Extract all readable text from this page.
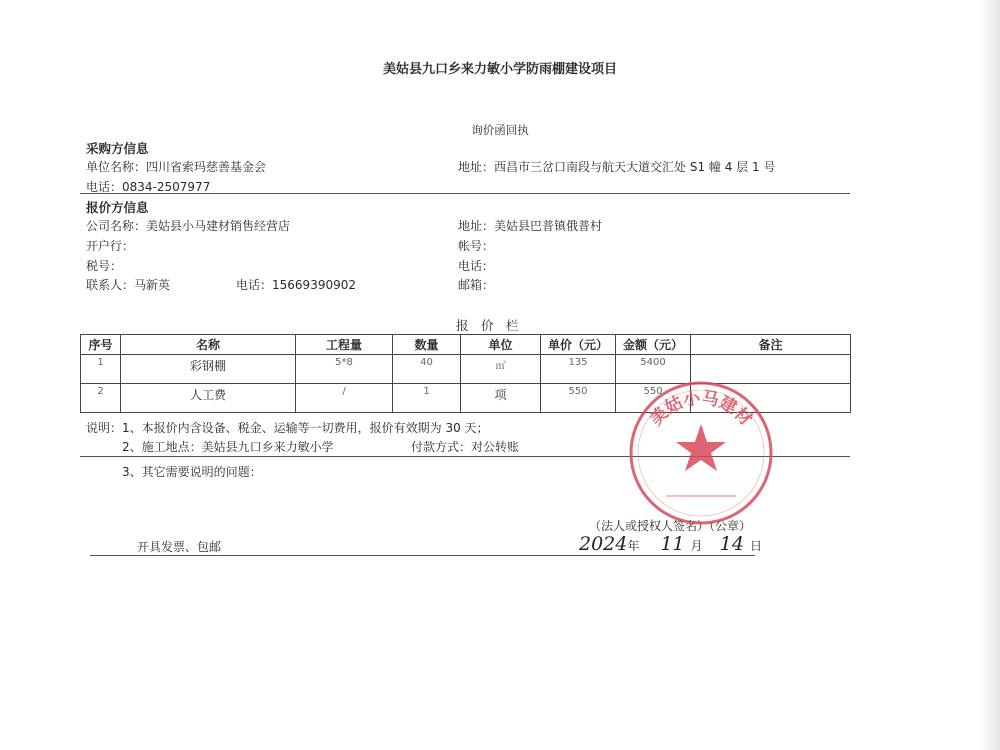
美姑县九口乡来力敏小学防雨棚建设项目
询价函回执
采购方信息
单位名称：四川省索玛慈善基金会	地址：西昌市三岔口南段与航天大道交汇处 S1 幢 4 层 1 号
电话：0834-2507977
报价方信息
公司名称：美姑县小马建材销售经营店	地址：美姑县巴普镇俄普村
开户行：	帐号：
税号：	电话：
联系人：马新英	电话：15669390902	邮箱：
报　价　栏
序号	名称	工程量	数量	单位	单价（元）	金额（元）	备注
1	彩钢棚	5*8	40	㎡	135	5400	
2	人工费	/	1	项	550	550	
说明：1、本报价内含设备、税金、运输等一切费用，报价有效期为 30 天；
2、施工地点：美姑县九口乡来力敏小学	付款方式：对公转账
3、其它需要说明的问题：
（法人或授权人签名）（公章）
开具发票、包邮	2024年 11 月 14 日
美姑小马建材
